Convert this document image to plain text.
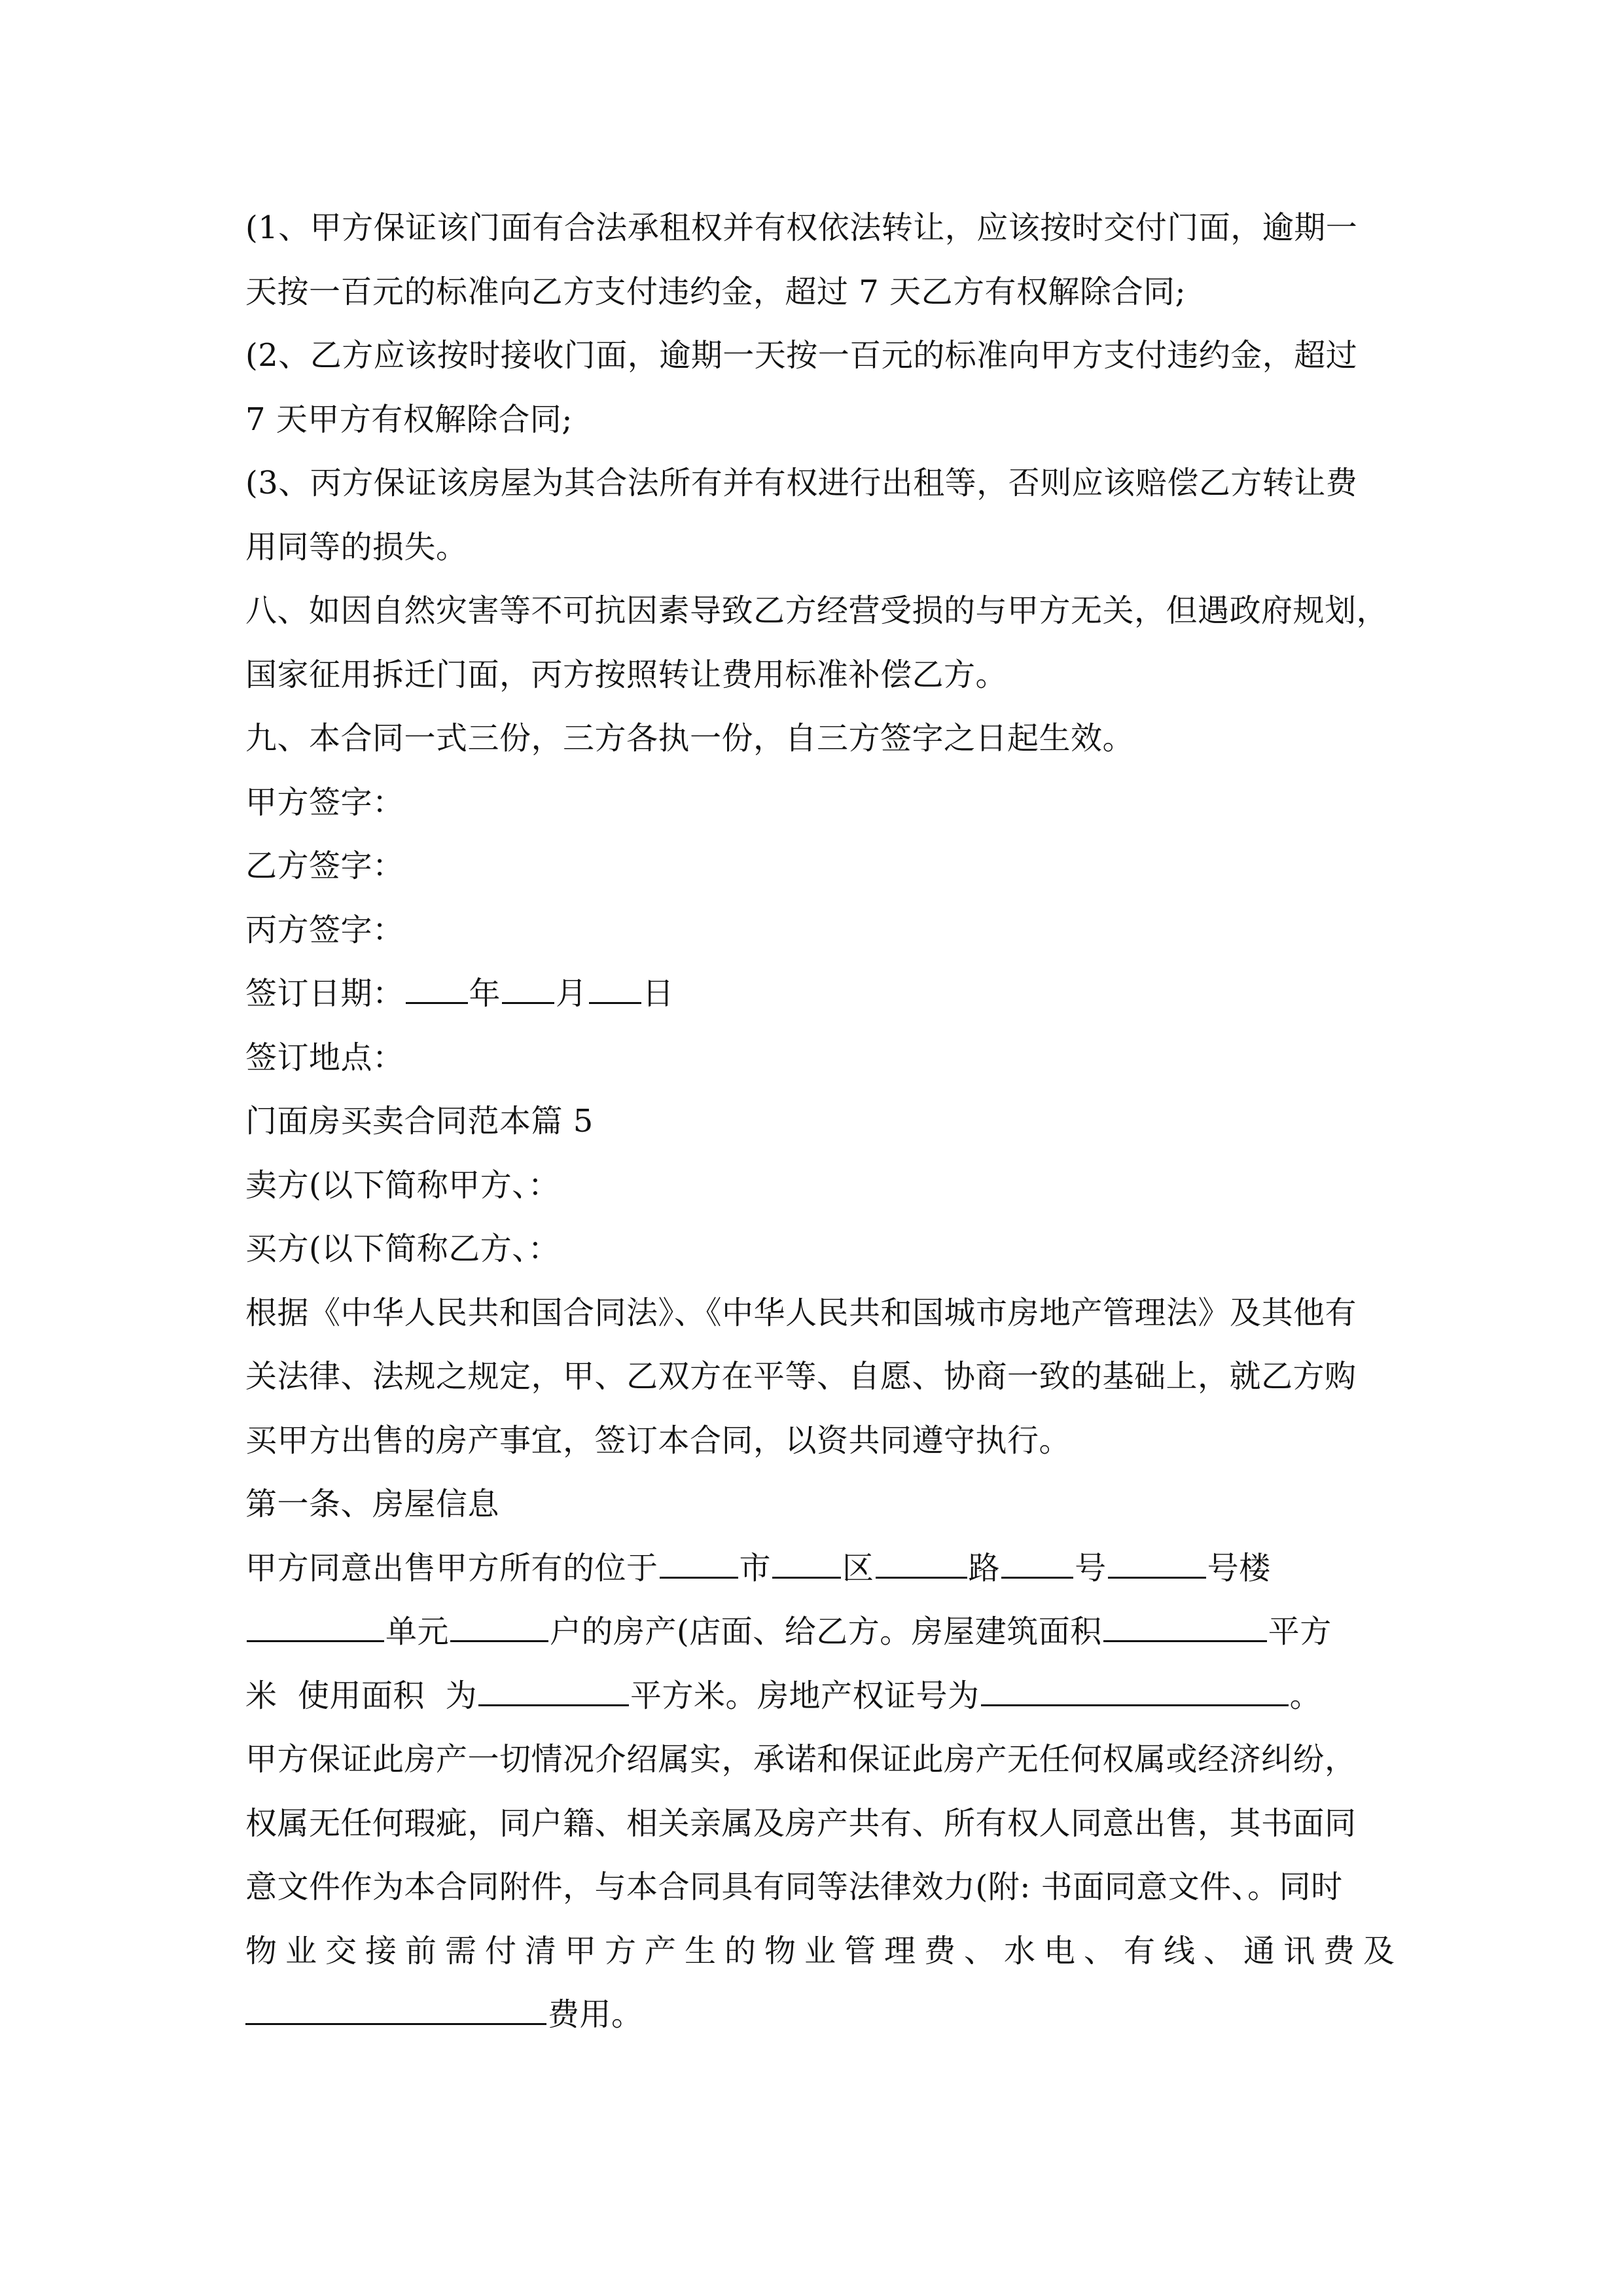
(1、甲方保证该门面有合法承租权并有权依法转让，应该按时交付门面，逾期一
天按一百元的标准向乙方支付违约金，超过 7 天乙方有权解除合同;
(2、乙方应该按时接收门面，逾期一天按一百元的标准向甲方支付违约金，超过
7 天甲方有权解除合同;
(3、丙方保证该房屋为其合法所有并有权进行出租等，否则应该赔偿乙方转让费
用同等的损失。
八、如因自然灾害等不可抗因素导致乙方经营受损的与甲方无关，但遇政府规划，
国家征用拆迁门面，丙方按照转让费用标准补偿乙方。
九、本合同一式三份，三方各执一份，自三方签字之日起生效。
甲方签字：
乙方签字：
丙方签字：
签订日期： 年 月 日
签订地点：
门面房买卖合同范本篇 5
卖方(以下简称甲方、：
买方(以下简称乙方、：
根据《中华人民共和国合同法》、《中华人民共和国城市房地产管理法》及其他有
关法律、法规之规定，甲、乙双方在平等、自愿、协商一致的基础上，就乙方购
买甲方出售的房产事宜，签订本合同，以资共同遵守执行。
第一条、房屋信息
甲方同意出售甲方所有的位于	市 区	路 号	号楼
单元	户的房产(店面、给乙方。房屋建筑面积	平方
米  使用面积  为	平方米。房地产权证号为	。
甲方保证此房产一切情况介绍属实，承诺和保证此房产无任何权属或经济纠纷，
权属无任何瑕疵，同户籍、相关亲属及房产共有、所有权人同意出售，其书面同
意文件作为本合同附件，与本合同具有同等法律效力(附: 书面同意文件、。同时
物业交接前需付清甲方产生的物业管理费、水电、有线、通讯费及
费用。
